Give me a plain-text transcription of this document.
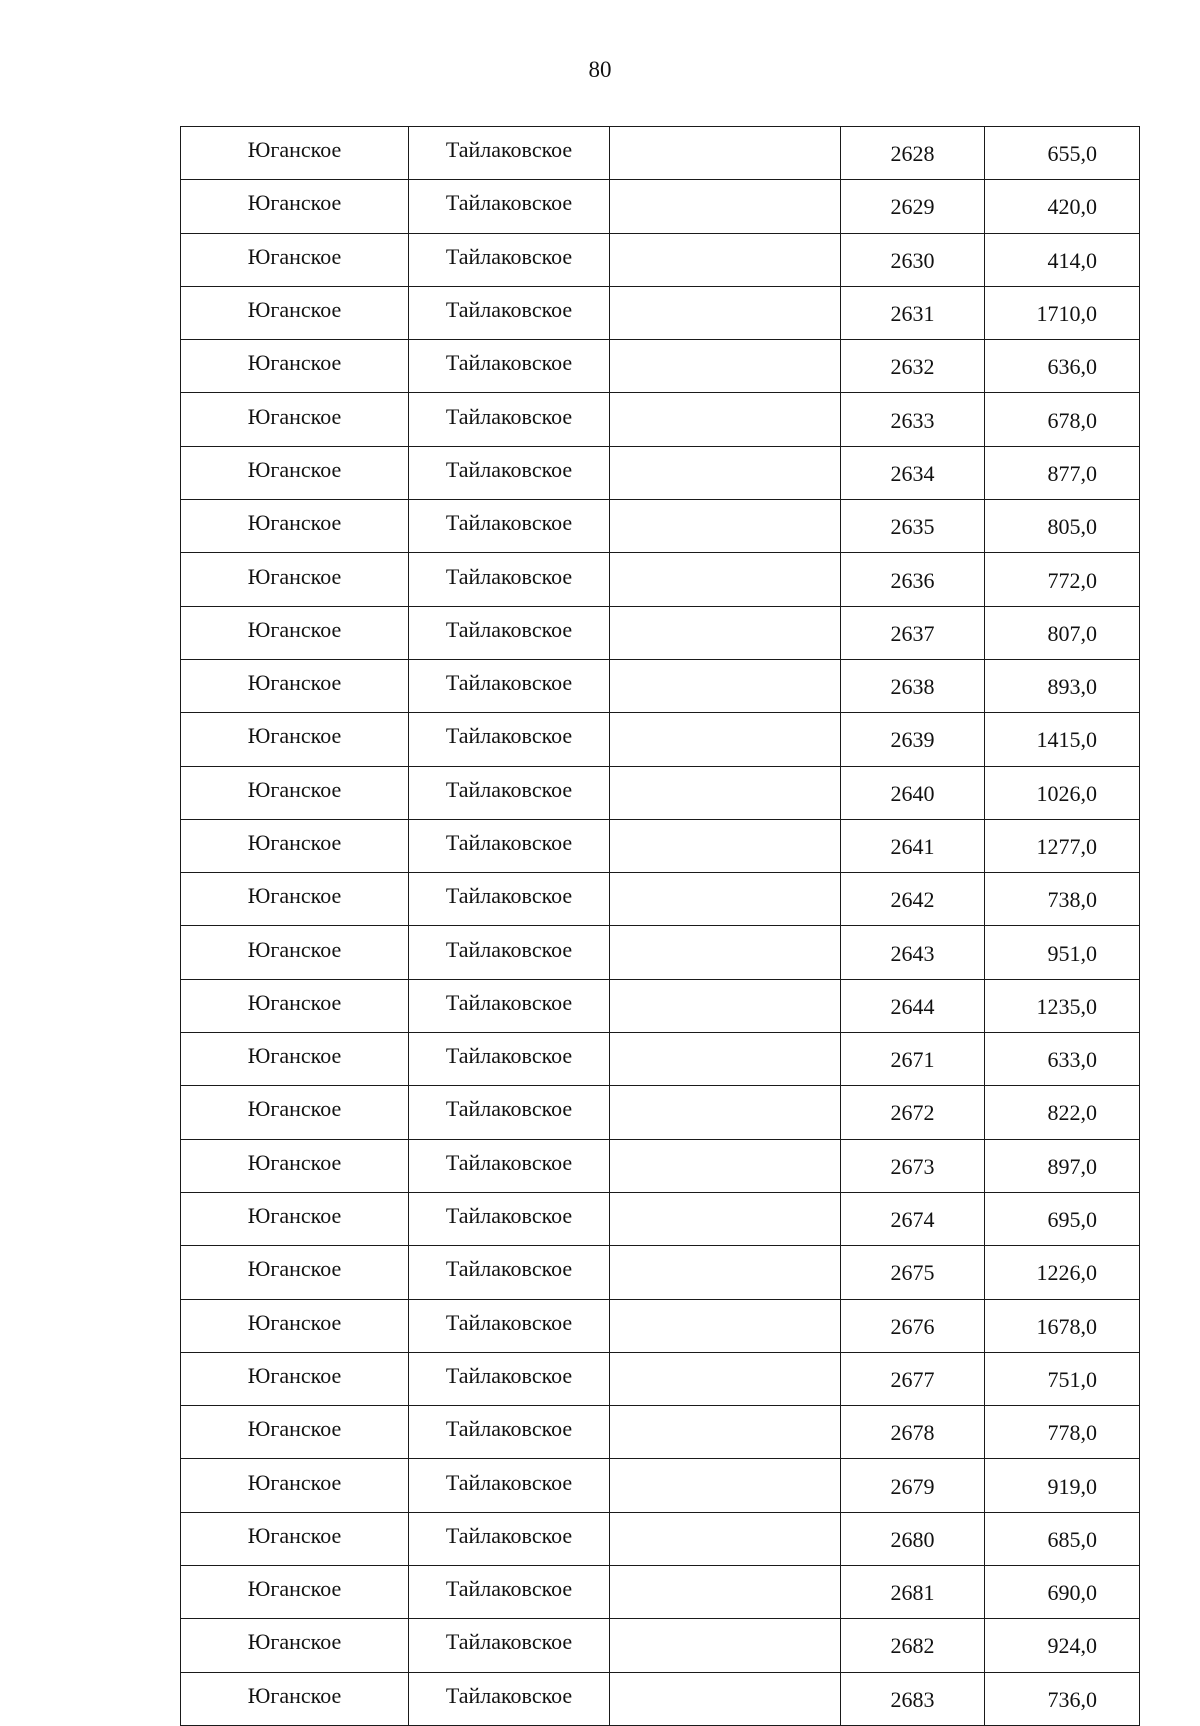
80
Юганское	Тайлаковское		2628	655,0
Юганское	Тайлаковское		2629	420,0
Юганское	Тайлаковское		2630	414,0
Юганское	Тайлаковское		2631	1710,0
Юганское	Тайлаковское		2632	636,0
Юганское	Тайлаковское		2633	678,0
Юганское	Тайлаковское		2634	877,0
Юганское	Тайлаковское		2635	805,0
Юганское	Тайлаковское		2636	772,0
Юганское	Тайлаковское		2637	807,0
Юганское	Тайлаковское		2638	893,0
Юганское	Тайлаковское		2639	1415,0
Юганское	Тайлаковское		2640	1026,0
Юганское	Тайлаковское		2641	1277,0
Юганское	Тайлаковское		2642	738,0
Юганское	Тайлаковское		2643	951,0
Юганское	Тайлаковское		2644	1235,0
Юганское	Тайлаковское		2671	633,0
Юганское	Тайлаковское		2672	822,0
Юганское	Тайлаковское		2673	897,0
Юганское	Тайлаковское		2674	695,0
Юганское	Тайлаковское		2675	1226,0
Юганское	Тайлаковское		2676	1678,0
Юганское	Тайлаковское		2677	751,0
Юганское	Тайлаковское		2678	778,0
Юганское	Тайлаковское		2679	919,0
Юганское	Тайлаковское		2680	685,0
Юганское	Тайлаковское		2681	690,0
Юганское	Тайлаковское		2682	924,0
Юганское	Тайлаковское		2683	736,0
